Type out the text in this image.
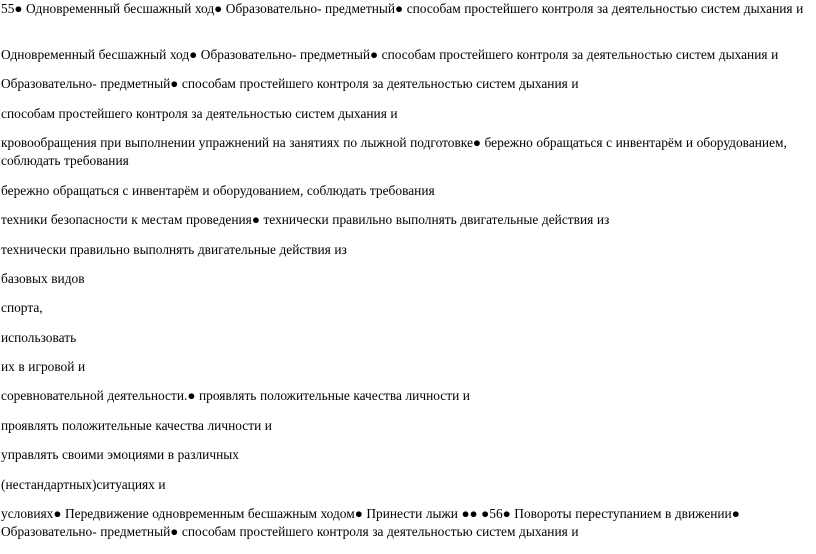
55● Одновременный бесшажный ход● Образовательно- предметный● способам простейшего контроля за деятельностью систем дыхания и

Одновременный бесшажный ход● Образовательно- предметный● способам простейшего контроля за деятельностью систем дыхания и

Образовательно- предметный● способам простейшего контроля за деятельностью систем дыхания и

способам простейшего контроля за деятельностью систем дыхания и

кровообращения при выполнении упражнений на занятиях по лыжной подготовке● бережно обращаться с инвентарём и оборудованием, соблюдать требования

бережно обращаться с инвентарём и оборудованием, соблюдать требования

техники безопасности к местам проведения● технически правильно выполнять двигательные действия из

технически правильно выполнять двигательные действия из

базовых видов

спорта,

использовать

их в игровой и

соревновательной деятельности.● проявлять положительные качества личности и

проявлять положительные качества личности и

управлять своими эмоциями в различных

(нестандартных)ситуациях и

условиях● Передвижение одновременным бесшажным ходом● Принести лыжи ●● ●56● Повороты переступанием в движении● Образовательно- предметный● способам простейшего контроля за деятельностью систем дыхания и
